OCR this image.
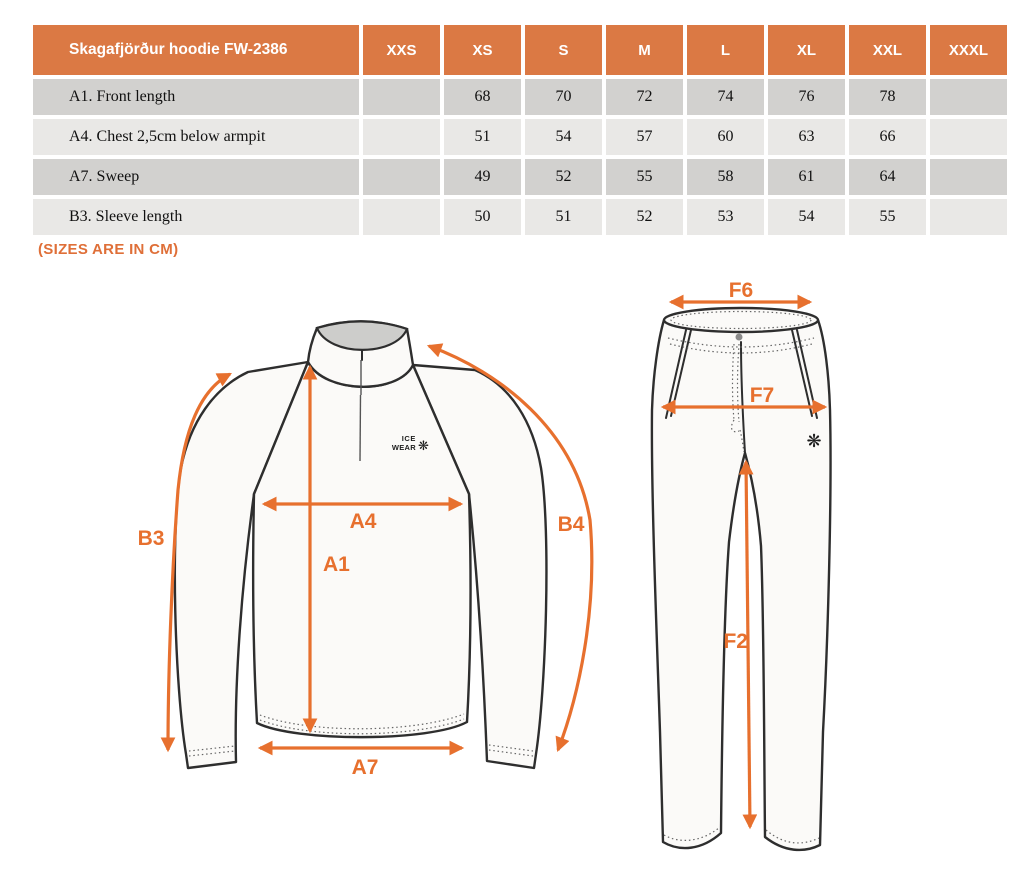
Skagafjörður hoodie FW-2386	XXS	XS	S	M	L	XL	XXL	XXXL
A1. Front length		68	70	72	74	76	78	
A4. Chest 2,5cm below armpit		51	54	57	60	63	66	
A7. Sweep		49	52	55	58	61	64	
B3. Sleeve length		50	51	52	53	54	55	
(SIZES ARE IN CM)
ICE
WEAR ❋
A4
A1
A7
B3
B4
❋
F6
F7
F2
